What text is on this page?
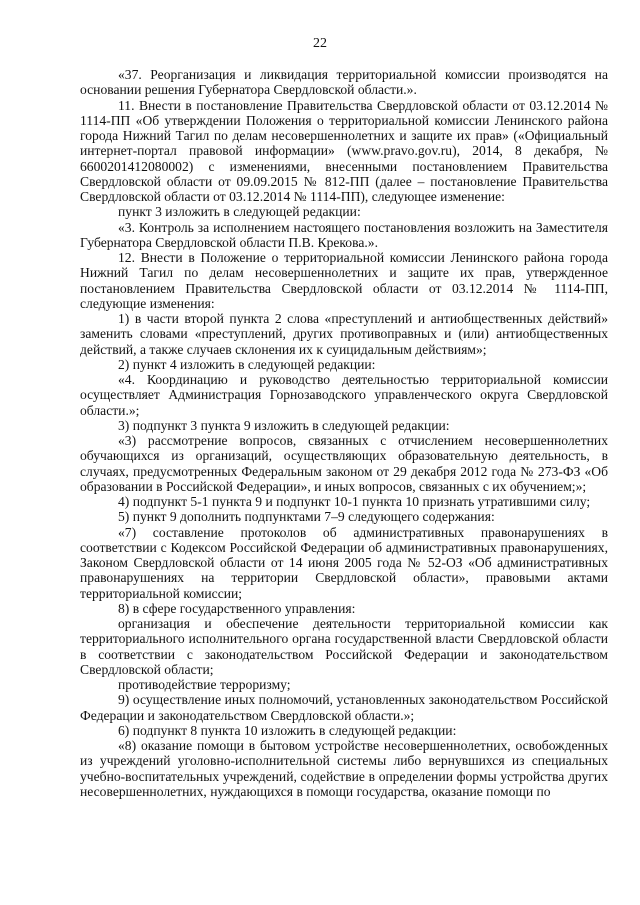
22

«37. Реорганизация и ликвидация территориальной комиссии производятся на основании решения Губернатора Свердловской области.».

11. Внести в постановление Правительства Свердловской области от 03.12.2014 № 1114-ПП «Об утверждении Положения о территориальной комиссии Ленинского района города Нижний Тагил по делам несовершеннолетних и защите их прав» («Официальный интернет-портал правовой информации» (www.pravo.gov.ru), 2014, 8 декабря, № 6600201412080002) с изменениями, внесенными постановлением Правительства Свердловской области от 09.09.2015 № 812-ПП (далее – постановление Правительства Свердловской области от 03.12.2014 № 1114-ПП), следующее изменение:

пункт 3 изложить в следующей редакции:

«3. Контроль за исполнением настоящего постановления возложить на Заместителя Губернатора Свердловской области П.В. Крекова.».

12. Внести в Положение о территориальной комиссии Ленинского района города Нижний Тагил по делам несовершеннолетних и защите их прав, утвержденное постановлением Правительства Свердловской области от 03.12.2014 № 1114-ПП, следующие изменения:

1) в части второй пункта 2 слова «преступлений и антиобщественных действий» заменить словами «преступлений, других противоправных и (или) антиобщественных действий, а также случаев склонения их к суицидальным действиям»;

2) пункт 4 изложить в следующей редакции:

«4. Координацию и руководство деятельностью территориальной комиссии осуществляет Администрация Горнозаводского управленческого округа Свердловской области.»;

3) подпункт 3 пункта 9 изложить в следующей редакции:

«3) рассмотрение вопросов, связанных с отчислением несовершеннолетних обучающихся из организаций, осуществляющих образовательную деятельность, в случаях, предусмотренных Федеральным законом от 29 декабря 2012 года № 273-ФЗ «Об образовании в Российской Федерации», и иных вопросов, связанных с их обучением;»;

4) подпункт 5-1 пункта 9 и подпункт 10-1 пункта 10 признать утратившими силу;

5) пункт 9 дополнить подпунктами 7–9 следующего содержания:

«7) составление протоколов об административных правонарушениях в соответствии с Кодексом Российской Федерации об административных правонарушениях, Законом Свердловской области от 14 июня 2005 года № 52-ОЗ «Об административных правонарушениях на территории Свердловской области», правовыми актами территориальной комиссии;

8) в сфере государственного управления:

организация и обеспечение деятельности территориальной комиссии как территориального исполнительного органа государственной власти Свердловской области в соответствии с законодательством Российской Федерации и законодательством Свердловской области;

противодействие терроризму;

9) осуществление иных полномочий, установленных законодательством Российской Федерации и законодательством Свердловской области.»;

6) подпункт 8 пункта 10 изложить в следующей редакции:

«8) оказание помощи в бытовом устройстве несовершеннолетних, освобожденных из учреждений уголовно-исполнительной системы либо вернувшихся из специальных учебно-воспитательных учреждений, содействие в определении формы устройства других несовершеннолетних, нуждающихся в помощи государства, оказание помощи по
